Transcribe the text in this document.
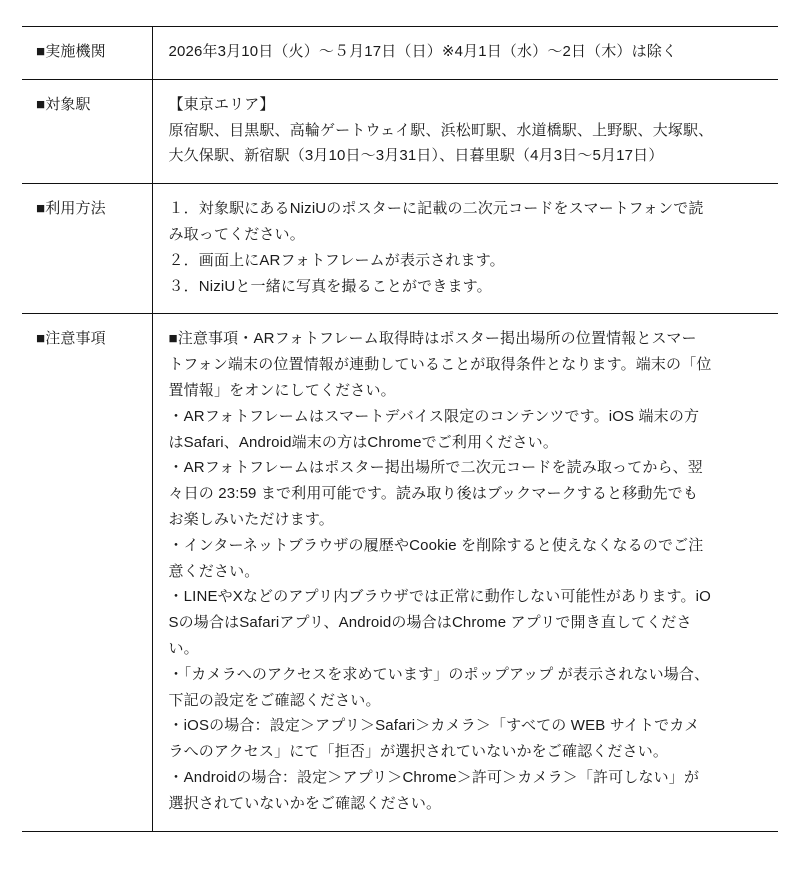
■実施機関	2026年3月10日（火）〜５月17日（日）※4月1日（水）〜2日（木）は除く

■対象駅	【東京エリア】
原宿駅、目黒駅、高輪ゲートウェイ駅、浜松町駅、水道橋駅、上野駅、大塚駅、
大久保駅、新宿駅（3月10日〜3月31日）、日暮里駅（4月3日〜5月17日）

■利用方法	１．対象駅にあるNiziUのポスターに記載の二次元コードをスマートフォンで読
み取ってください。
２．画面上にARフォトフレームが表示されます。
３．NiziUと一緒に写真を撮ることができます。

■注意事項	■注意事項・ARフォトフレーム取得時はポスター掲出場所の位置情報とスマー
トフォン端末の位置情報が連動していることが取得条件となります。端末の「位
置情報」をオンにしてください。
・ARフォトフレームはスマートデバイス限定のコンテンツです。iOS 端末の方
はSafari、Android端末の方はChromeでご利用ください。
・ARフォトフレームはポスター掲出場所で二次元コードを読み取ってから、翌
々日の 23:59 まで利用可能です。読み取り後はブックマークすると移動先でも
お楽しみいただけます。
・インターネットブラウザの履歴やCookie を削除すると使えなくなるのでご注
意ください。
・LINEやXなどのアプリ内ブラウザでは正常に動作しない可能性があります。iO
Sの場合はSafariアプリ、Androidの場合はChrome アプリで開き直してくださ
い。
・「カメラへのアクセスを求めています」のポップアップ が表示されない場合、
下記の設定をご確認ください。
・iOSの場合：設定＞アプリ＞Safari＞カメラ＞「すべての WEB サイトでカメ
ラへのアクセス」にて「拒否」が選択されていないかをご確認ください。
・Androidの場合：設定＞アプリ＞Chrome＞許可＞カメラ＞「許可しない」が
選択されていないかをご確認ください。
